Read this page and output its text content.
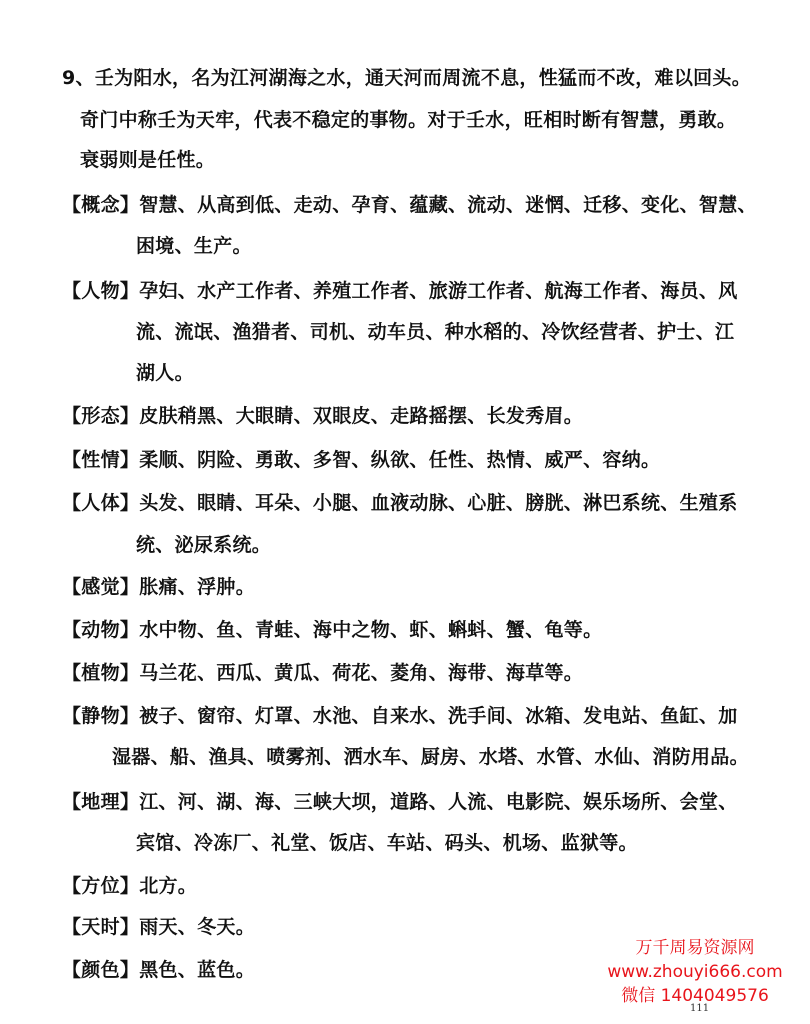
9、壬为阳水，名为江河湖海之水，通天河而周流不息，性猛而不改，难以回头。
奇门中称壬为天牢，代表不稳定的事物。对于壬水，旺相时断有智慧，勇敢。
衰弱则是任性。
【概念】智慧、从高到低、走动、孕育、蕴藏、流动、迷惘、迁移、变化、智慧、
困境、生产。
【人物】孕妇、水产工作者、养殖工作者、旅游工作者、航海工作者、海员、风
流、流氓、渔猎者、司机、动车员、种水稻的、冷饮经营者、护士、江
湖人。
【形态】皮肤稍黑、大眼睛、双眼皮、走路摇摆、长发秀眉。
【性情】柔顺、阴险、勇敢、多智、纵欲、任性、热情、威严、容纳。
【人体】头发、眼睛、耳朵、小腿、血液动脉、心脏、膀胱、淋巴系统、生殖系
统、泌尿系统。
【感觉】胀痛、浮肿。
【动物】水中物、鱼、青蛙、海中之物、虾、蝌蚪、蟹、龟等。
【植物】马兰花、西瓜、黄瓜、荷花、菱角、海带、海草等。
【静物】被子、窗帘、灯罩、水池、自来水、洗手间、冰箱、发电站、鱼缸、加
湿器、船、渔具、喷雾剂、洒水车、厨房、水塔、水管、水仙、消防用品。
【地理】江、河、湖、海、三峡大坝，道路、人流、电影院、娱乐场所、会堂、
宾馆、冷冻厂、礼堂、饭店、车站、码头、机场、监狱等。
【方位】北方。
【天时】雨天、冬天。
【颜色】黑色、蓝色。
万千周易资源网
www.zhouyi666.com
微信 1404049576
111
